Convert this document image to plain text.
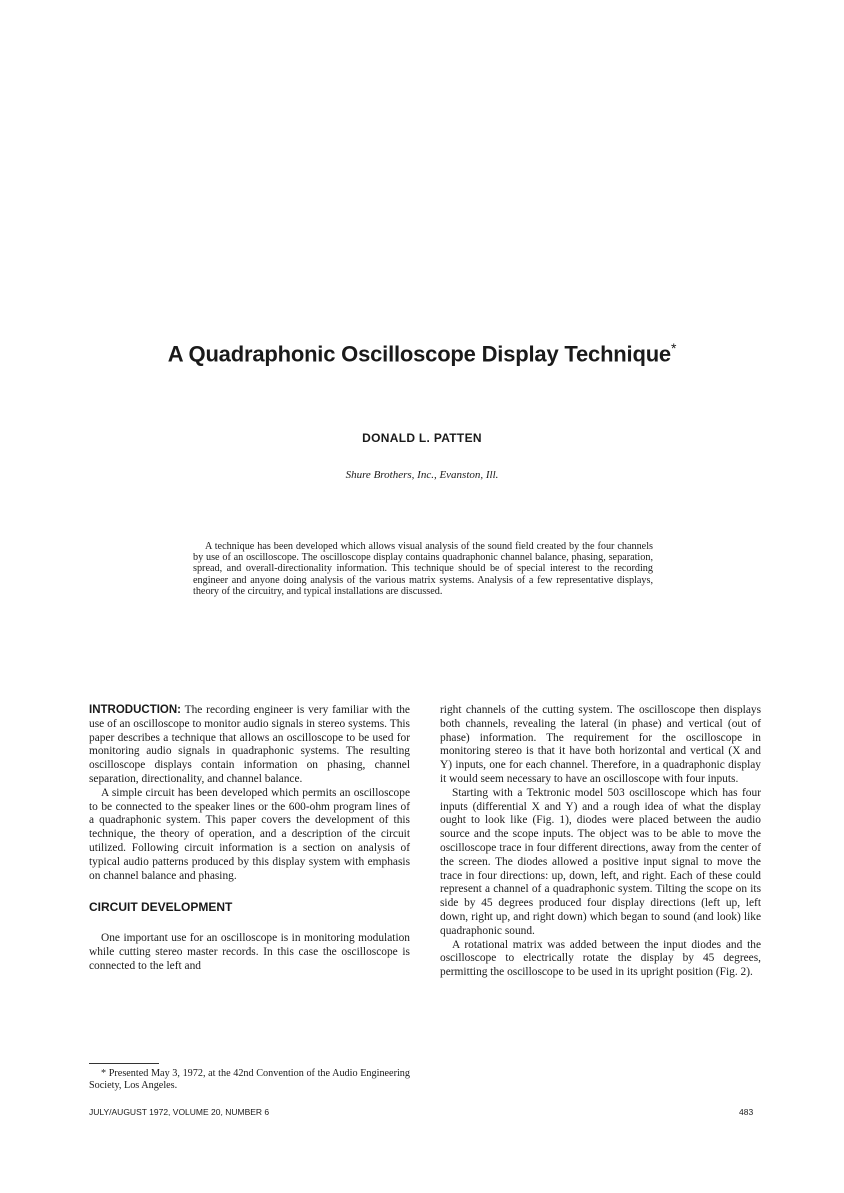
A Quadraphonic Oscilloscope Display Technique*
DONALD L. PATTEN
Shure Brothers, Inc., Evanston, Ill.

A technique has been developed which allows visual analysis of the sound field created by the four channels by use of an oscilloscope. The oscilloscope display contains quadraphonic channel balance, phasing, separation, spread, and overall-directionality information. This technique should be of special interest to the recording engineer and anyone doing analysis of the various matrix systems. Analysis of a few representative displays, theory of the circuitry, and typical installations are discussed.

INTRODUCTION: The recording engineer is very familiar with the use of an oscilloscope to monitor audio signals in stereo systems. This paper describes a technique that allows an oscilloscope to be used for monitoring audio signals in quadraphonic systems. The resulting oscilloscope displays contain information on phasing, channel separation, directionality, and channel balance.

A simple circuit has been developed which permits an oscilloscope to be connected to the speaker lines or the 600-ohm program lines of a quadraphonic system. This paper covers the development of this technique, the theory of operation, and a description of the circuit utilized. Following circuit information is a section on analysis of typical audio patterns produced by this display system with emphasis on channel balance and phasing.

CIRCUIT DEVELOPMENT

One important use for an oscilloscope is in monitoring modulation while cutting stereo master records. In this case the oscilloscope is connected to the left and

right channels of the cutting system. The oscilloscope then displays both channels, revealing the lateral (in phase) and vertical (out of phase) information. The requirement for the oscilloscope in monitoring stereo is that it have both horizontal and vertical (X and Y) inputs, one for each channel. Therefore, in a quadraphonic display it would seem necessary to have an oscilloscope with four inputs.

Starting with a Tektronic model 503 oscilloscope which has four inputs (differential X and Y) and a rough idea of what the display ought to look like (Fig. 1), diodes were placed between the audio source and the scope inputs. The object was to be able to move the oscilloscope trace in four different directions, away from the center of the screen. The diodes allowed a positive input signal to move the trace in four directions: up, down, left, and right. Each of these could represent a channel of a quadraphonic system. Tilting the scope on its side by 45 degrees produced four display directions (left up, left down, right up, and right down) which began to sound (and look) like quadraphonic sound.

A rotational matrix was added between the input diodes and the oscilloscope to electrically rotate the display by 45 degrees, permitting the oscilloscope to be used in its upright position (Fig. 2).

* Presented May 3, 1972, at the 42nd Convention of the Audio Engineering Society, Los Angeles.

JULY/AUGUST 1972, VOLUME 20, NUMBER 6	483
